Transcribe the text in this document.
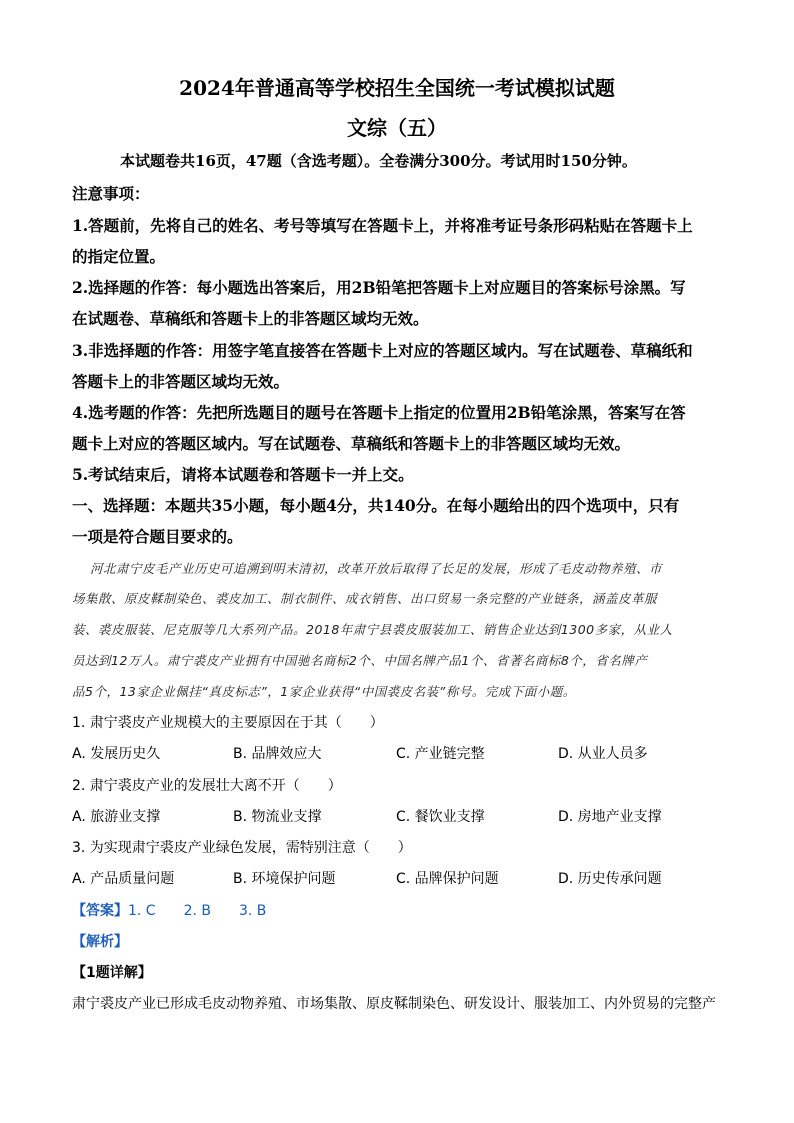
2024年普通高等学校招生全国统一考试模拟试题
文综（五）
本试题卷共16页，47题（含选考题）。全卷满分300分。考试用时150分钟。
注意事项：
1.答题前，先将自己的姓名、考号等填写在答题卡上，并将准考证号条形码粘贴在答题卡上
的指定位置。
2.选择题的作答：每小题选出答案后，用2B铅笔把答题卡上对应题目的答案标号涂黑。写
在试题卷、草稿纸和答题卡上的非答题区域均无效。
3.非选择题的作答：用签字笔直接答在答题卡上对应的答题区域内。写在试题卷、草稿纸和
答题卡上的非答题区域均无效。
4.选考题的作答：先把所选题目的题号在答题卡上指定的位置用2B铅笔涂黑，答案写在答
题卡上对应的答题区域内。写在试题卷、草稿纸和答题卡上的非答题区域均无效。
5.考试结束后，请将本试题卷和答题卡一并上交。
一、选择题：本题共35小题，每小题4分，共140分。在每小题给出的四个选项中，只有
一项是符合题目要求的。
河北肃宁皮毛产业历史可追溯到明末清初，改革开放后取得了长足的发展，形成了毛皮动物养殖、市
场集散、原皮鞣制染色、裘皮加工、制衣制件、成衣销售、出口贸易一条完整的产业链条，涵盖皮革服
装、裘皮服装、尼克服等几大系列产品。2018年肃宁县裘皮服装加工、销售企业达到1300多家，从业人
员达到12万人。肃宁裘皮产业拥有中国驰名商标2个、中国名牌产品1个、省著名商标8个，省名牌产
品5个，13家企业佩挂“真皮标志”，1家企业获得“中国裘皮名装”称号。完成下面小题。
1. 肃宁裘皮产业规模大的主要原因在于其（　　）
A. 发展历史久	B. 品牌效应大	C. 产业链完整	D. 从业人员多
2. 肃宁裘皮产业的发展壮大离不开（　　）
A. 旅游业支撑	B. 物流业支撑	C. 餐饮业支撑	D. 房地产业支撑
3. 为实现肃宁裘皮产业绿色发展，需特别注意（　　）
A. 产品质量问题	B. 环境保护问题	C. 品牌保护问题	D. 历史传承问题
【答案】1. C　　2. B　　3. B
【解析】
【1题详解】
肃宁裘皮产业已形成毛皮动物养殖、市场集散、原皮鞣制染色、研发设计、服装加工、内外贸易的完整产
